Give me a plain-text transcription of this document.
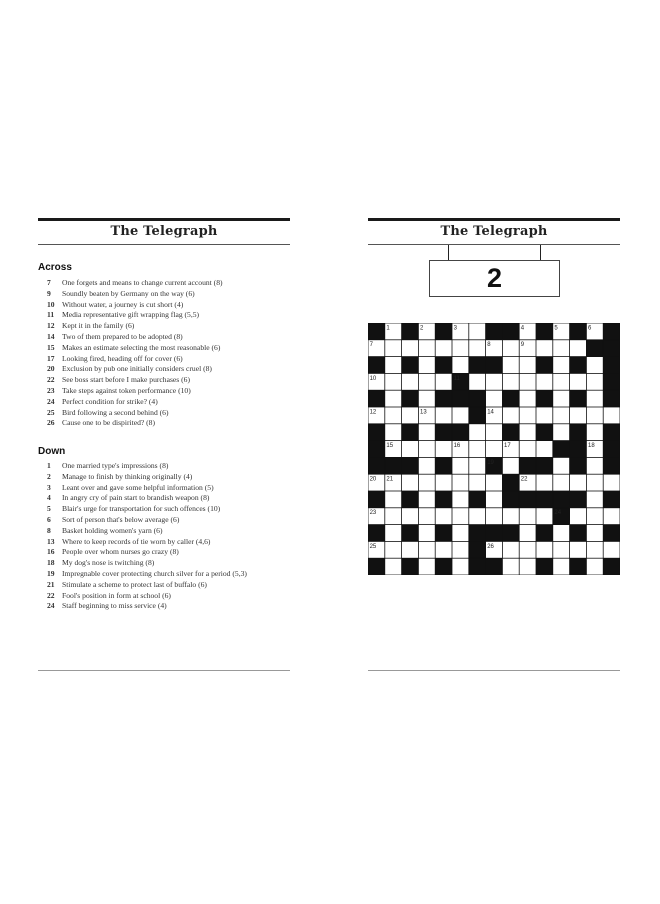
The Telegraph
Across
7	One forgets and means to change current account (8)
9	Soundly beaten by Germany on the way (6)
10 Without water, a journey is cut short (4)
11	Media representative gift wrapping flag (5,5)
12 Kept it in the family (6)
14 Two of them prepared to be adopted (8)
15 Makes an estimate selecting the most reasonable (6)
17 Looking fired, heading off for cover (6)
20 Exclusion by pub one initially considers cruel (8)
22 See boss start before I make purchases (6)
23 Take steps against token performance (10)
24 Perfect condition for strike? (4)
25 Bird following a second behind (6)
26 Cause one to be dispirited? (8)
Down
1	One married type's impressions (8)
2	Manage to finish by thinking originally (4)
3	Leant over and gave some helpful information (5)
4	In angry cry of pain start to brandish weapon (8)
5	Blair's urge for transportation for such offences (10)
6	Sort of person that's below average (6)
8	Basket holding women's yarn (6)
13 Where to keep records of tie worn by caller (4,6)
16 People over whom nurses go crazy (8)
18 My dog's nose is twitching (8)
19 Impregnable cover protecting church silver for a period (5,3)
21 Stimulate a scheme to protect last of buffalo (6)
22 Fool's position in form at school (6)
24 Staff beginning to miss service (4)
The Telegraph
2
1	2	3	4	5	6
7	8	9
10	11
12	13	14
15	16	17	18
19
20 21	22
23	24
25	26
